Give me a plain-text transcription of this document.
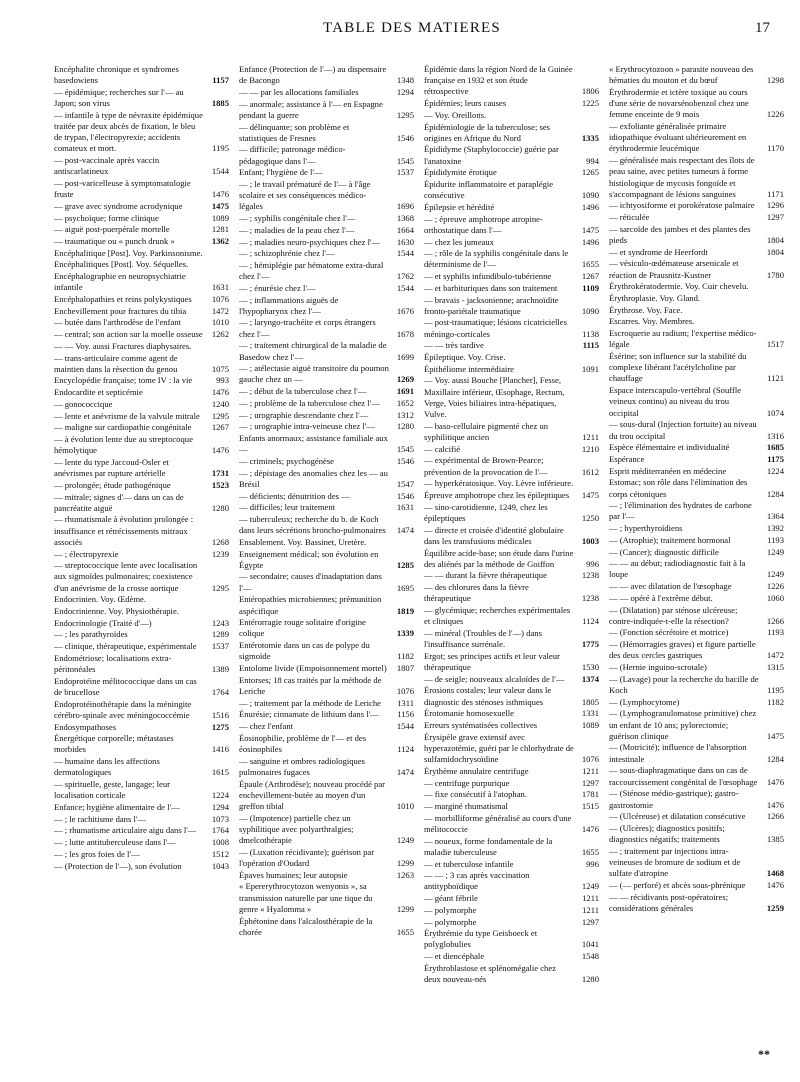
TABLE DES MATIERES	17
Encéphalite chronique et syndromes basedowiens	1157
— épidémique; recherches sur l'— au Japon; son virus	1885
— infantile à type de névraxite épidémique traitée par deux abcès de fixation, le bleu de trypan, l'électropyrexie; accidents comateux et mort.	1195
— post-vaccinale après vaccin antiscarlatineux	1544
— post-varicelleuse à symptomatologie fruste	1476
— grave avec syndrome acrodynique	1475
— psychoïque; forme clinique	1089
— aiguë post-puerpérale mortelle	1281
— traumatique ou « punch drunk »	1362
Encéphalitique [Post]. Voy. Parkinsonisme.
Encéphalitiques [Post]. Voy. Séquelles.
Encéphalographie en neuropsychiatrie infantile	1631
Encéphalopathies et reins polykystiques	1076
Enchevillement pour fractures du tibia	1472
— butée dans l'arthrodèse de l'enfant	1010
— central; son action sur la moelle osseuse	1262
— — Voy. aussi Fractures diaphysaires.
— trans-articulaire comme agent de maintien dans la résection du genou	1075
Encyclopédie française; tome IV : la vie	993
Endocardite et septicémie	1476
— gonococcique	1240
— lente et anévrisme de la valvule mitrale	1295
— maligne sur cardiopathie congénitale	1267
— à évolution lente due au streptocoque hémolytique	1476
— lente du type Jaccoud-Osler et anévrismes par rupture artérielle	1731
— prolongée; étude pathogénique	1523
— mitrale; signes d'— dans un cas de pancréatite aiguë	1280
— rhumatismale à évolution prolongée : insuffisance et rétrécissements mitraux associés	1268
— ; électropyrexie	1239
— streptococcique lente avec localisation aux sigmoïdes pulmonaires; coexistence d'un anévrisme de la crosse aortique	1295
Endocrinien. Voy. Œdème.
Endocrinienne. Voy. Physiothérapie.
Endocrinologie (Traité d'—)	1243
— ; les parathyroïdes	1289
— clinique, thérapeutique, expérimentale	1537
Endométriose; localisations extra-péritonéales	1389
Endoprotéine mélitococcique dans un cas de brucellose	1764
Endoprotéinothérapie dans la méningite cérébro-spinale avec méningococcémie	1516
Endosympathoses	1275
Énergétique corporelle; métastases morbides	1416
— humaine dans les affections dermatologiques	1615
— spirituelle, geste, langage; leur localisation corticale	1224
Enfance; hygiène alimentaire de l'—	1294
— ; le rachitisme dans l'—	1073
— ; rhumatisme articulaire aigu dans l'—	1764
— ; lutte antituberculeuse dans l'—	1008
— ; les gros foies de l'—	1512
— (Protection de l'—), son évolution	1043
Enfance (Protection de l'—) au dispensaire de Bacongo	1348
— — par les allocations familiales	1294
— anormale; assistance à l'— en Espagne pendant la guerre	1295
— délinquante; son problème et statistiques de Fresnes	1546
— difficile; patronage médico-pédagogique dans l'—	1545
Enfant; l'hygiène de l'—	1537
— ; le travail prématuré de l'— à l'âge scolaire et ses conséquences médico-légales	1696
— ; syphilis congénitale chez l'—	1368
— ; maladies de la peau chez l'—	1664
— ; maladies neuro-psychiques chez l'—	1630
— ; schizophrénie chez l'—	1544
— ; hémiplégie par hématome extra-dural chez l'—	1762
— ; énurésie chez l'—	1544
— ; inflammations aiguës de l'hypopharynx chez l'—	1676
— ; laryngo-trachéite et corps étrangers chez l'—	1678
— ; traitement chirurgical de la maladie de Basedow chez l'—	1699
— ; atélectasie aiguë transitoire du poumon gauche chez un —	1269
— ; début de la tuberculose chez l'—	1691
— ; problème de la tuberculose chez l'—	1652
— ; urographie descendante chez l'—	1312
— ; urographie intra-veineuse chez l'—	1280
Enfants anormaux; assistance familiale aux —	1545
— criminels; psychogénèse	1546
— ; dépistage des anomalies chez les — au Brésil	1547
— déficients; dénutrition des —	1546
— difficiles; leur traitement	1631
— tuberculeux; recherche du b. de Koch dans leurs sécrétions broncho-pulmonaires	1474
Ensablement. Voy. Bassinet, Uretère.
Enseignement médical; son évolution en Égypte	1285
— secondaire; causes d'inadaptation dans l'—	1695
Entéropathies microbiennes; prémunition aspécifique	1819
Entérorragie rouge solitaire d'origine colique	1339
Entérotomie dans un cas de polype du sigmoïde	1182
Entolome livide (Empoisonnement mortel)	1807
Entorses; 18 cas traités par la méthode de Leriche	1076
— ; traitement par la méthode de Leriche	1311
Énurésie; cinnamate de lithium dans l'—	1156
— chez l'enfant	1544
Éosinophilie, problème de l'— et des éosinophiles	1124
— sanguine et ombres radiologiques pulmonaires fugaces	1474
Épaule (Arthrodèse); nouveau procédé par enchevillement-butée au moyen d'un greffon tibial	1010
— (Impotence) partielle chez un syphilitique avec polyarthralgies; dmelcothérapie	1249
— (Luxation récidivante); guérison par l'opération d'Oudard	1299
Épaves humaines; leur autopsie	1263
« Epererythrocytozon wenyonis », sa transmission naturelle par une tique du genre « Hyalomma »	1299
Éphétonine dans l'alcalosthérapie de la chorée	1655
Épidémie dans la région Nord de la Guinée française en 1932 et son étude rétrospective	1806
Épidémies; leurs causes	1225
— Voy. Oreillons.
Épidémiologie de la tuberculose; ses origines en Afrique du Nord	1335
Épididyme (Staphylococcie) guérie par l'anatoxine	994
Épididymite érotique	1265
Épidurite inflammatoire et paraplégie consécutive	1090
Épilepsie et hérédité	1496
— ; épreuve amphotrope atropine-orthostatique dans l'—	1475
— chez les jumeaux	1496
— ; rôle de la syphilis congénitale dans le déterminisme de l'—	1655
— et syphilis infundibulo-tubérienne	1267
— et barbituriques dans son traitement	1109
— bravais - jacksonienne; arachnoïdite fronto-pariétale traumatique	1090
— post-traumatique; lésions cicatricielles méningo-corticales	1138
— — très tardive	1115
Épileptique. Voy. Crise.
Épithéliome intermédiaire	1091
— Voy. aussi Bouche [Plancher], Fesse, Maxillaire inférieur, Œsophage, Rectum, Verge, Voies biliaires intra-hépatiques, Vulve.
— baso-cellulaire pigmenté chez un syphilitique ancien	1211
— calcifié	1210
— expérimental de Brown-Pearce; prévention de la provocation de l'—	1612
— hyperkératosique. Voy. Lèvre inférieure.
Épreuve amphotrope chez les épileptiques	1475
— sino-carotidienne, 1249, chez les épileptiques	1250
— directe et croisée d'identité globulaire dans les transfusions médicales	1003
Équilibre acide-base; son étude dans l'urine des aliénés par la méthode de Goiffon	996
— — durant la fièvre thérapeutique	1238
— des chlorures dans la fièvre thérapeutique	1238
— glycémique; recherches expérimentales et cliniques	1124
— minéral (Troubles de l'—) dans l'insuffisance surrénale.	1775
Ergot; ses principes actifs et leur valeur thérapeutique	1530
— de seigle; nouveaux alcaloïdes de l'—	1374
Érosions costales; leur valeur dans le diagnostic des sténoses isthmiques	1805
Érotomanie homosexuelle	1331
Erreurs systématisées collectives	1089
Érysipèle grave extensif avec hyperazotémie, guéri par le chlorhydrate de sulfamidochrysoïdine	1076
Érythème annulaire centrifuge	1211
— centrifuge purpurique	1297
— fixe consécutif à l'atophan.	1781
— marginé rhumatismal	1515
— morbilliforme généralisé au cours d'une mélitococcie	1476
— noueux, forme fondamentale de la maladie tuberculeuse	1655
— et tuberculose infantile	996
— — ; 3 cas après vaccination antityphoïdique	1249
— géant fébrile	1211
— polymorphe	1211
— polymorphe	1297
Érythrémie du type Geisboeck et polyglobulies	1041
— et diencéphale	1548
Érythroblastose et splénomégalie chez deux nouveau-nés	1280
« Erythrocytozoon » parasite nouveau des hématies du mouton et du bœuf	1298
Érythrodermie et ictère toxique au cours d'une série de novarsénobenzol chez une femme enceinte de 9 mois	1226
— exfoliante généralisée primaire idiopathique évoluant ultérieurement en érythrodermie leucémique	1170
— généralisée mais respectant des îlots de peau saine, avec petites tumeurs à forme histiologique de mycosis fongoïde et s'accompagnant de lésions sanguines	1171
— ichtyosiforme et porokératose palmaire	1296
— réticulée	1297
— sarcoïde des jambes et des plantes des pieds	1804
— et syndrome de Heerfordt	1804
— vésiculo-œdémateuse arsenicale et réaction de Prausnitz-Kustner	1780
Érythrokératodermie. Voy. Cuir chevelu.
Érythroplasie. Voy. Gland.
Érythrose. Voy. Face.
Escarres. Voy. Membres.
Escroquerie au radium; l'expertise médico-légale	1517
Ésérine; son influence sur la stabilité du complexe libérant l'acétylcholine par chauffage	1121
Espace interscapulo-vertébral (Souffle veineux continu) au niveau du trou occipital	1074
— sous-dural (Injection fortuite) au niveau du trou occipital	1316
Espèce élémentaire et individualité	1685
Espérance	1175
Esprit méditerranéen en médecine	1224
Estomac; son rôle dans l'élimination des corps cétoniques	1284
— ; l'élimination des hydrates de carbone par l'—	1364
— ; hyperthyroïdiens	1392
— (Atrophie); traitement hormonal	1193
— (Cancer); diagnostic difficile	1249
— — au début; radiodiagnostic fait à la loupe	1249
— — avec dilatation de l'œsophage	1226
— — opéré à l'extrême début.	1060
— (Dilatation) par sténose ulcéreuse; contre-indiquée-t-elle la résection?	1266
— (Fonction sécrétoire et motrice)	1193
— (Hémorragies graves) et figure partielle des deux cercles gastriques	1472
— (Hernie inguino-scrotale)	1315
— (Lavage) pour la recherche du bacille de Koch	1195
— (Lymphocytome)	1182
— (Lymphogranulomatose primitive) chez un enfant de 10 ans; pylorectomie; guérison clinique	1475
— (Motricité); influence de l'absorption intestinale	1284
— sous-diaphragmatique dans un cas de raccourcissement congénital de l'œsophage	1476
— (Sténose médio-gastrique); gastro-gastrostomie	1476
— (Ulcéreuse) et dilatation consécutive	1266
— (Ulcères); diagnostics positifs; diagnostics négatifs; traitements	1385
— ; traitement par injections intra-veineuses de bromure de sodium et de sulfate d'atropine	1468
— (— perforé) et abcès sous-phrénique	1476
— — récidivants post-opératoires; considérations générales	1259
**
